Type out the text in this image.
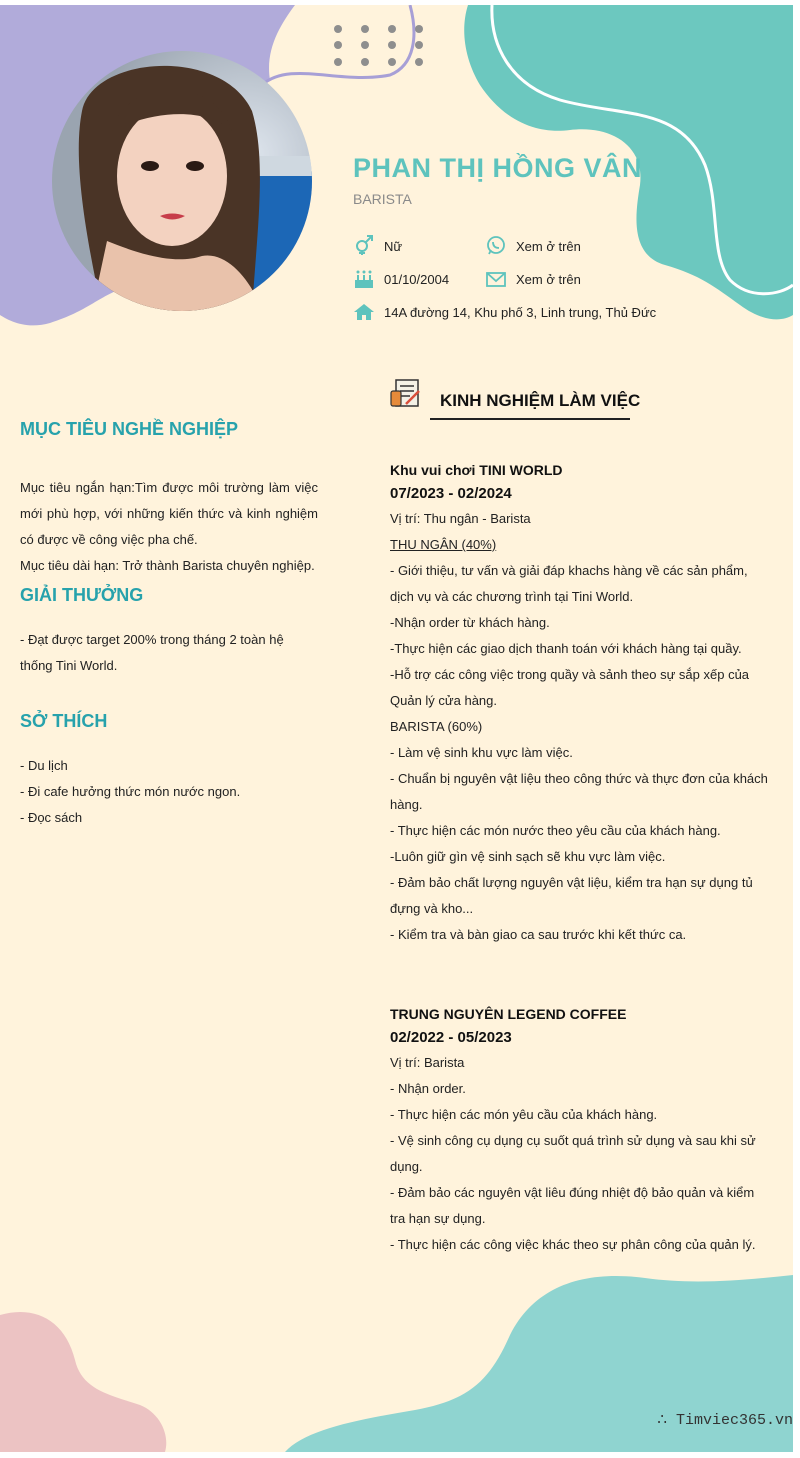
PHAN THỊ HỒNG VÂN
BARISTA
Nữ	Xem ở trên
01/10/2004	Xem ở trên
14A đường 14, Khu phố 3, Linh trung, Thủ Đức
MỤC TIÊU NGHỀ NGHIỆP

Mục tiêu ngắn hạn:Tìm được môi trường làm việc mới phù hợp, với những kiến thức và kinh nghiệm có được về công việc pha chế.

Mục tiêu dài hạn: Trở thành Barista chuyên nghiệp.

GIẢI THƯỞNG

- Đạt được target 200% trong tháng 2 toàn hệ thống Tini World.

SỞ THÍCH

- Du lịch

- Đi cafe hưởng thức món nước ngon.

- Đọc sách

KINH NGHIỆM LÀM VIỆC
Khu vui chơi TINI WORLD
07/2023 - 02/2024

Vị trí: Thu ngân - Barista

THU NGÂN (40%)

- Giới thiệu, tư vấn và giải đáp khachs hàng về các sản phẩm, dịch vụ và các chương trình tại Tini World.

-Nhận order từ khách hàng.

-Thực hiện các giao dịch thanh toán với khách hàng tại quầy.

-Hỗ trợ các công việc trong quầy và sảnh theo sự sắp xếp của Quản lý cửa hàng.

BARISTA (60%)

- Làm vệ sinh khu vực làm việc.

- Chuẩn bị nguyên vật liệu theo công thức và thực đơn của khách hàng.

- Thực hiện các món nước theo yêu cầu của khách hàng.

-Luôn giữ gìn vệ sinh sạch sẽ khu vực làm việc.

- Đảm bảo chất lượng nguyên vật liệu, kiểm tra hạn sự dụng tủ đựng và kho...

- Kiểm tra và bàn giao ca sau trước khi kết thức ca.

TRUNG NGUYÊN LEGEND COFFEE
02/2022 - 05/2023

Vị trí: Barista

- Nhận order.

- Thực hiện các món yêu cầu của khách hàng.

- Vệ sinh công cụ dụng cụ suốt quá trình sử dụng và sau khi sử dụng.

- Đảm bảo các nguyên vật liêu đúng nhiệt độ bảo quản và kiểm tra hạn sự dụng.

- Thực hiện các công việc khác theo sự phân công của quản lý.

∴ Timviec365.vn
